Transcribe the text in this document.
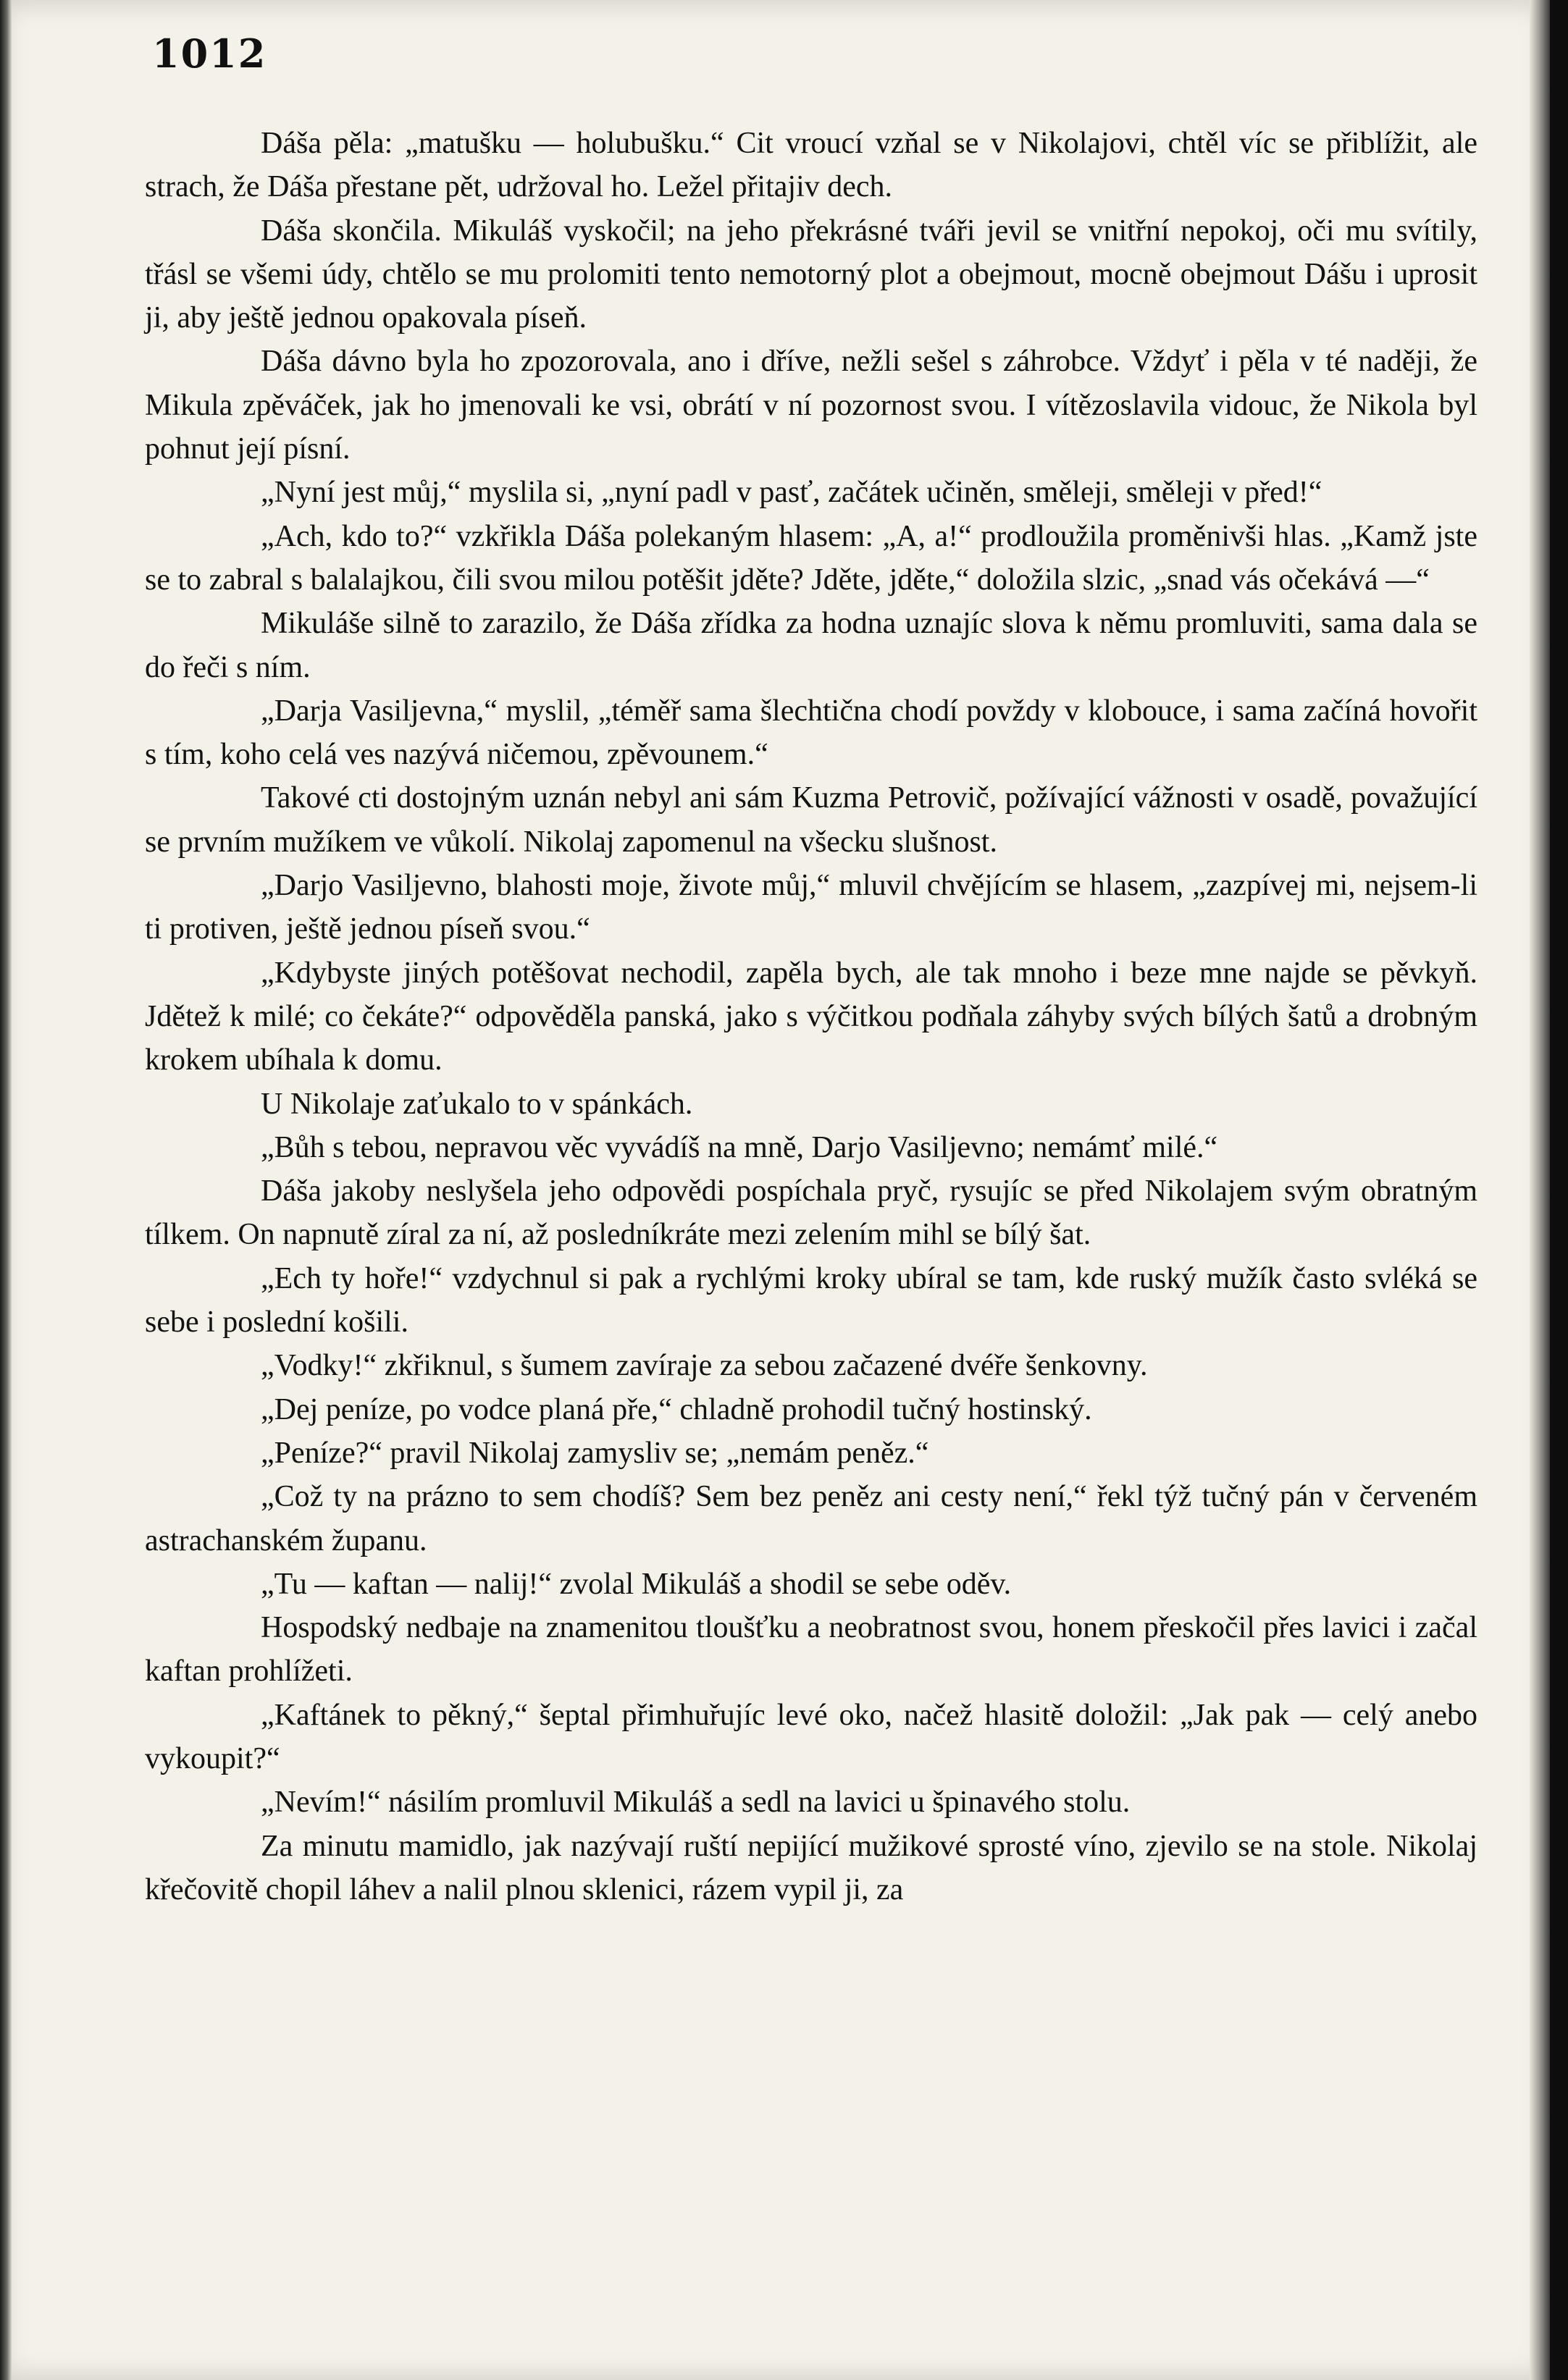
1012

Dáša pěla: „matušku — holubušku.“ Cit vroucí vzňal se v Nikolajovi, chtěl víc se přiblížit, ale strach, že Dáša přestane pět, udržoval ho. Ležel přitajiv dech.

Dáša skončila. Mikuláš vyskočil; na jeho překrásné tváři jevil se vnitřní nepokoj, oči mu svítily, třásl se všemi údy, chtělo se mu prolomiti tento nemotorný plot a obejmout, mocně obejmout Dášu i uprosit ji, aby ještě jednou opakovala píseň.

Dáša dávno byla ho zpozorovala, ano i dříve, nežli sešel s záhrobce. Vždyť i pěla v té naději, že Mikula zpěváček, jak ho jmenovali ke vsi, obrátí v ní pozornost svou. I vítězoslavila vidouc, že Nikola byl pohnut její písní.

„Nyní jest můj,“ myslila si, „nyní padl v pasť, začátek učiněn, směleji, směleji v před!“

„Ach, kdo to?“ vzkřikla Dáša polekaným hlasem: „A, a!“ prodloužila proměnivši hlas. „Kamž jste se to zabral s balalajkou, čili svou milou potěšit jděte? Jděte, jděte,“ doložila slzic, „snad vás očekává —“

Mikuláše silně to zarazilo, že Dáša zřídka za hodna uznajíc slova k němu promluviti, sama dala se do řeči s ním.

„Darja Vasiljevna,“ myslil, „téměř sama šlechtična chodí povždy v klobouce, i sama začíná hovořit s tím, koho celá ves nazývá ničemou, zpěvounem.“

Takové cti dostojným uznán nebyl ani sám Kuzma Petrovič, požívající vážnosti v osadě, považující se prvním mužíkem ve vůkolí. Nikolaj zapomenul na všecku slušnost.

„Darjo Vasiljevno, blahosti moje, živote můj,“ mluvil chvějícím se hlasem, „zazpívej mi, nejsem-li ti protiven, ještě jednou píseň svou.“

„Kdybyste jiných potěšovat nechodil, zapěla bych, ale tak mnoho i beze mne najde se pěvkyň. Jdětež k milé; co čekáte?“ odpověděla panská, jako s výčitkou podňala záhyby svých bílých šatů a drobným krokem ubíhala k domu.

U Nikolaje zaťukalo to v spánkách.

„Bůh s tebou, nepravou věc vyvádíš na mně, Darjo Vasiljevno; nemámť milé.“

Dáša jakoby neslyšela jeho odpovědi pospíchala pryč, rysujíc se před Nikolajem svým obratným tílkem. On napnutě zíral za ní, až posledníkráte mezi zelením mihl se bílý šat.

„Ech ty hoře!“ vzdychnul si pak a rychlými kroky ubíral se tam, kde ruský mužík často svléká se sebe i poslední košili.

„Vodky!“ zkřiknul, s šumem zavíraje za sebou začazené dvéře šenkovny.

„Dej peníze, po vodce planá pře,“ chladně prohodil tučný hostinský.

„Peníze?“ pravil Nikolaj zamysliv se; „nemám peněz.“

„Což ty na prázno to sem chodíš? Sem bez peněz ani cesty není,“ řekl týž tučný pán v červeném astrachanském županu.

„Tu — kaftan — nalij!“ zvolal Mikuláš a shodil se sebe oděv.

Hospodský nedbaje na znamenitou tloušťku a neobratnost svou, honem přeskočil přes lavici i začal kaftan prohlížeti.

„Kaftánek to pěkný,“ šeptal přimhuřujíc levé oko, načež hlasitě doložil: „Jak pak — celý anebo vykoupit?“

„Nevím!“ násilím promluvil Mikuláš a sedl na lavici u špinavého stolu.

Za minutu mamidlo, jak nazývají ruští nepijící mužikové sprosté víno, zjevilo se na stole. Nikolaj křečovitě chopil láhev a nalil plnou sklenici, rázem vypil ji, za
